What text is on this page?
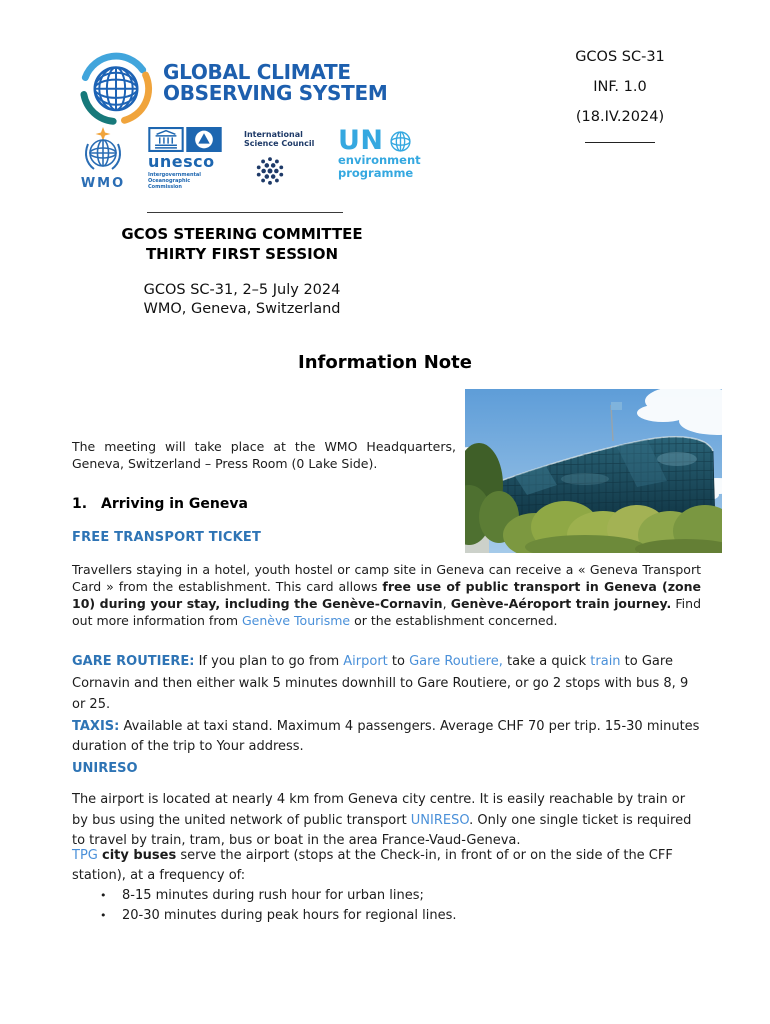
GLOBAL CLIMATE
OBSERVING SYSTEM
WMO
unesco
Intergovernmental
Oceanographic
Commission
International
Science Council UN
environment
programme
GCOS SC-31
INF. 1.0
(18.IV.2024)
GCOS STEERING COMMITTEE
THIRTY FIRST SESSION
GCOS SC-31, 2–5 July 2024
WMO, Geneva, Switzerland
Information Note
The meeting will take place at the WMO Headquarters, Geneva, Switzerland – Press Room (0 Lake Side).
1. Arriving in Geneva
FREE TRANSPORT TICKET
Travellers staying in a hotel, youth hostel or camp site in Geneva can receive a « Geneva Transport Card » from the establishment. This card allows free use of public transport in Geneva (zone 10) during your stay, including the Genève-Cornavin, Genève-Aéroport train journey. Find out more information from Genève Tourisme or the establishment concerned.
GARE ROUTIERE: If you plan to go from Airport to Gare Routiere, take a quick train to Gare Cornavin and then either walk 5 minutes downhill to Gare Routiere, or go 2 stops with bus 8, 9 or 25.
TAXIS: Available at taxi stand. Maximum 4 passengers. Average CHF 70 per trip. 15-30 minutes duration of the trip to Your address.
UNIRESO
The airport is located at nearly 4 km from Geneva city centre. It is easily reachable by train or by bus using the united network of public transport UNIRESO. Only one single ticket is required to travel by train, tram, bus or boat in the area France-Vaud-Geneva.
TPG city buses serve the airport (stops at the Check-in, in front of or on the side of the CFF station), at a frequency of:
•	8-15 minutes during rush hour for urban lines;
•	20-30 minutes during peak hours for regional lines.
